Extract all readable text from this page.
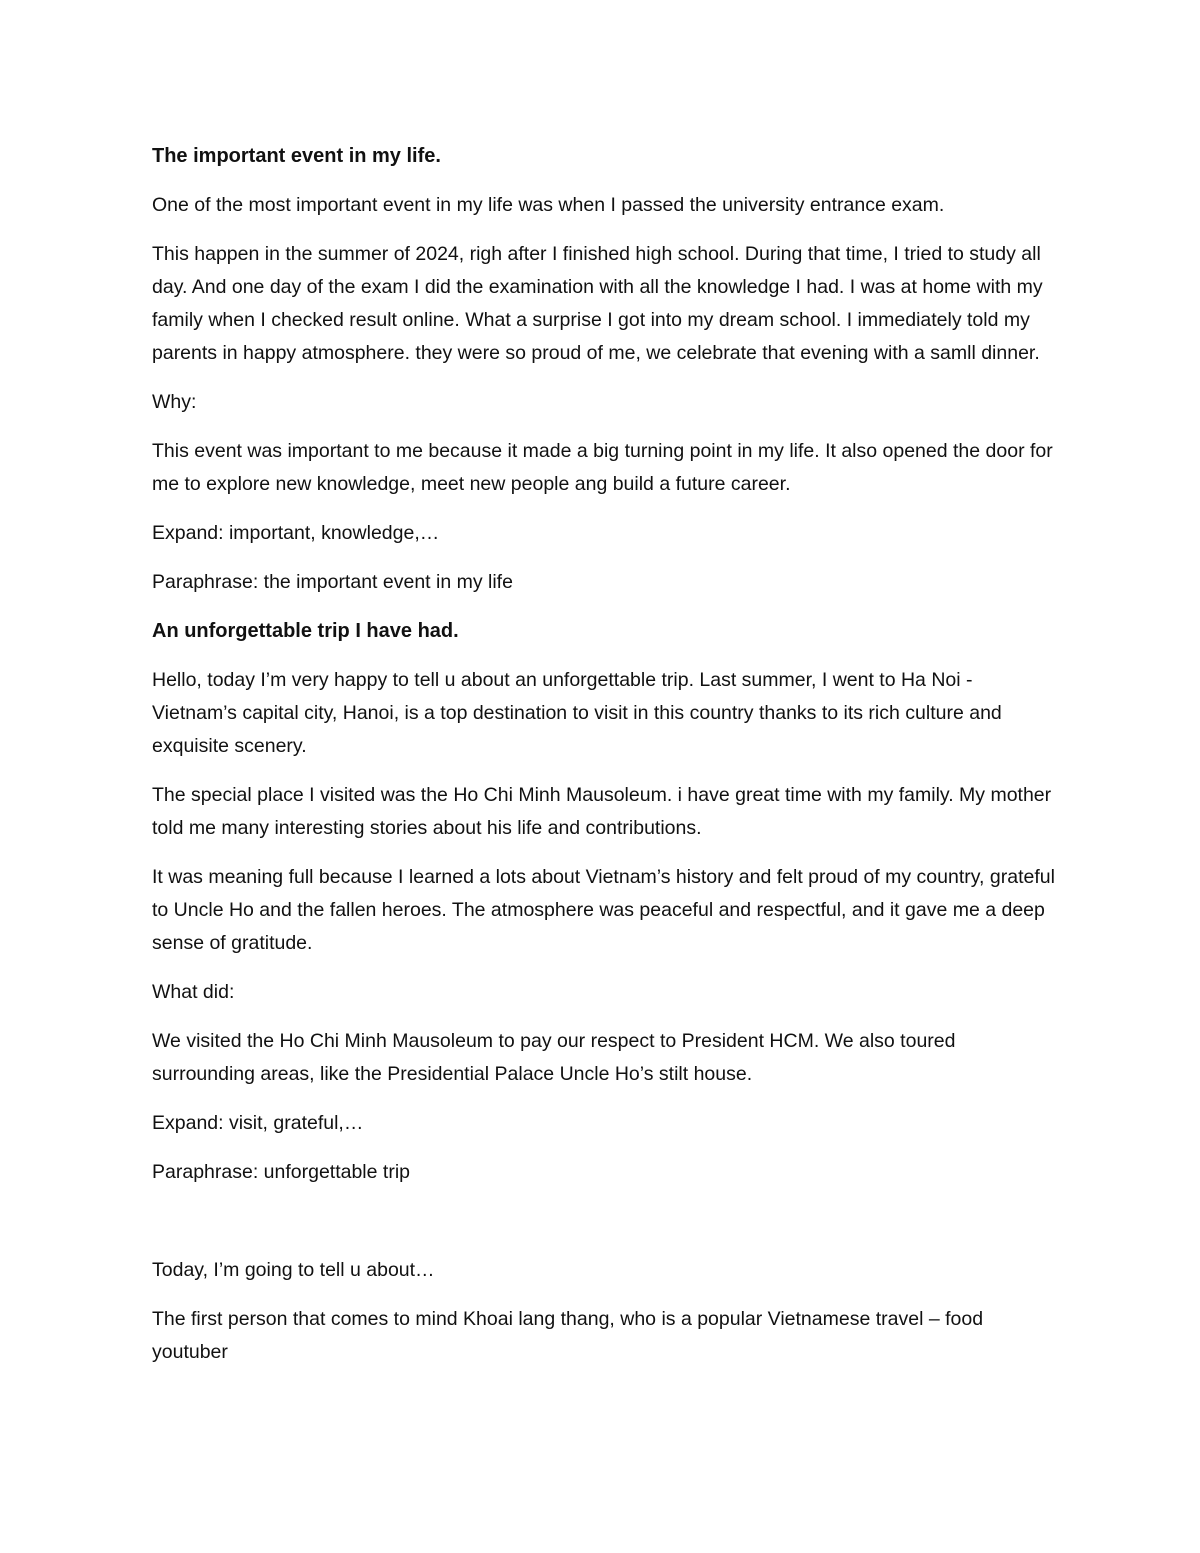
The important event in my life.

One of the most important event in my life was when I passed the university entrance exam.

This happen in the summer of 2024, righ after I finished high school. During that time, I tried to study all day. And one day of the exam I did the examination with all the knowledge I had. I was at home with my family when I checked result online. What a surprise I got into my dream school. I immediately told my parents in happy atmosphere. they were so proud of me, we celebrate that evening with a samll dinner.

Why:

This event was important to me because it made a big turning point in my life. It also opened the door for me to explore new knowledge, meet new people ang build a future career.

Expand: important, knowledge,…

Paraphrase: the important event in my life

An unforgettable trip I have had.

Hello, today I’m very happy to tell u about an unforgettable trip. Last summer, I went to Ha Noi - Vietnam’s capital city, Hanoi, is a top destination to visit in this country thanks to its rich culture and exquisite scenery.

The special place I visited was the Ho Chi Minh Mausoleum. i have great time with my family. My mother told me many interesting stories about his life and contributions.

It was meaning full because I learned a lots about Vietnam’s history and felt proud of my country, grateful to Uncle Ho and the fallen heroes. The atmosphere was peaceful and respectful, and it gave me a deep sense of gratitude.

What did:

We visited the Ho Chi Minh Mausoleum to pay our respect to President HCM. We also toured surrounding areas, like the Presidential Palace Uncle Ho’s stilt house.

Expand: visit, grateful,…

Paraphrase: unforgettable trip

Today, I’m going to tell u about…

The first person that comes to mind Khoai lang thang, who is a popular Vietnamese travel – food youtuber
